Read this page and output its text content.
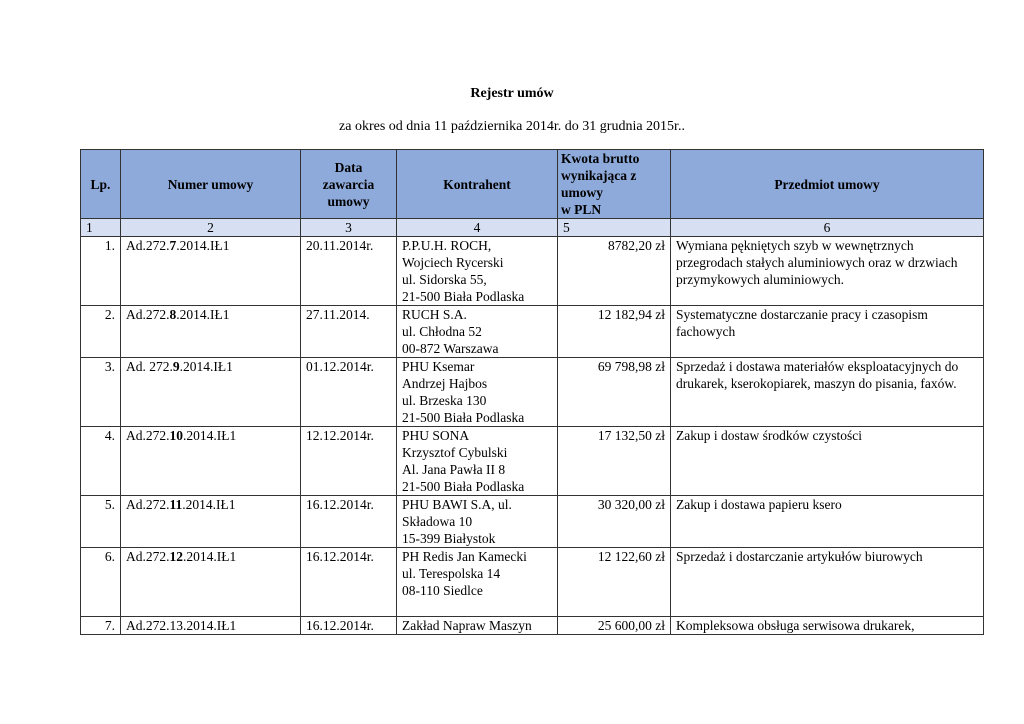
Rejestr umów
za okres od dnia 11 października 2014r. do 31 grudnia 2015r..
Lp.	Numer umowy	Data
zawarcia
umowy	Kontrahent	Kwota brutto
wynikająca z
umowy
w PLN	Przedmiot umowy
1	2	3	4	5	6
1.	Ad.272.7.2014.IŁ1	20.11.2014r.	P.P.U.H. ROCH,
Wojciech Rycerski
ul. Sidorska 55,
21-500 Biała Podlaska	8782,20 zł	Wymiana pękniętych szyb w wewnętrznych przegrodach stałych aluminiowych oraz w drzwiach przymykowych aluminiowych.
2.	Ad.272.8.2014.IŁ1	27.11.2014.	RUCH S.A.
ul. Chłodna 52
00-872 Warszawa	12 182,94 zł	Systematyczne dostarczanie pracy i czasopism fachowych
3.	Ad. 272.9.2014.IŁ1	01.12.2014r.	PHU Ksemar
Andrzej Hajbos
ul. Brzeska 130
21-500 Biała Podlaska	69 798,98 zł	Sprzedaż i dostawa materiałów eksploatacyjnych do drukarek, kserokopiarek, maszyn do pisania, faxów.
4.	Ad.272.10.2014.IŁ1	12.12.2014r.	PHU SONA
Krzysztof Cybulski
Al. Jana Pawła II 8
21-500 Biała Podlaska	17 132,50 zł	Zakup i dostaw środków czystości
5.	Ad.272.11.2014.IŁ1	16.12.2014r.	PHU BAWI S.A, ul.
Składowa 10
15-399 Białystok	30 320,00 zł	Zakup i dostawa papieru ksero
6.	Ad.272.12.2014.IŁ1	16.12.2014r.	PH Redis Jan Kamecki
ul. Terespolska 14
08-110 Siedlce	12 122,60 zł	Sprzedaż i dostarczanie artykułów biurowych
7.	Ad.272.13.2014.IŁ1	16.12.2014r.	Zakład Napraw Maszyn	25 600,00 zł	Kompleksowa obsługa serwisowa drukarek,
